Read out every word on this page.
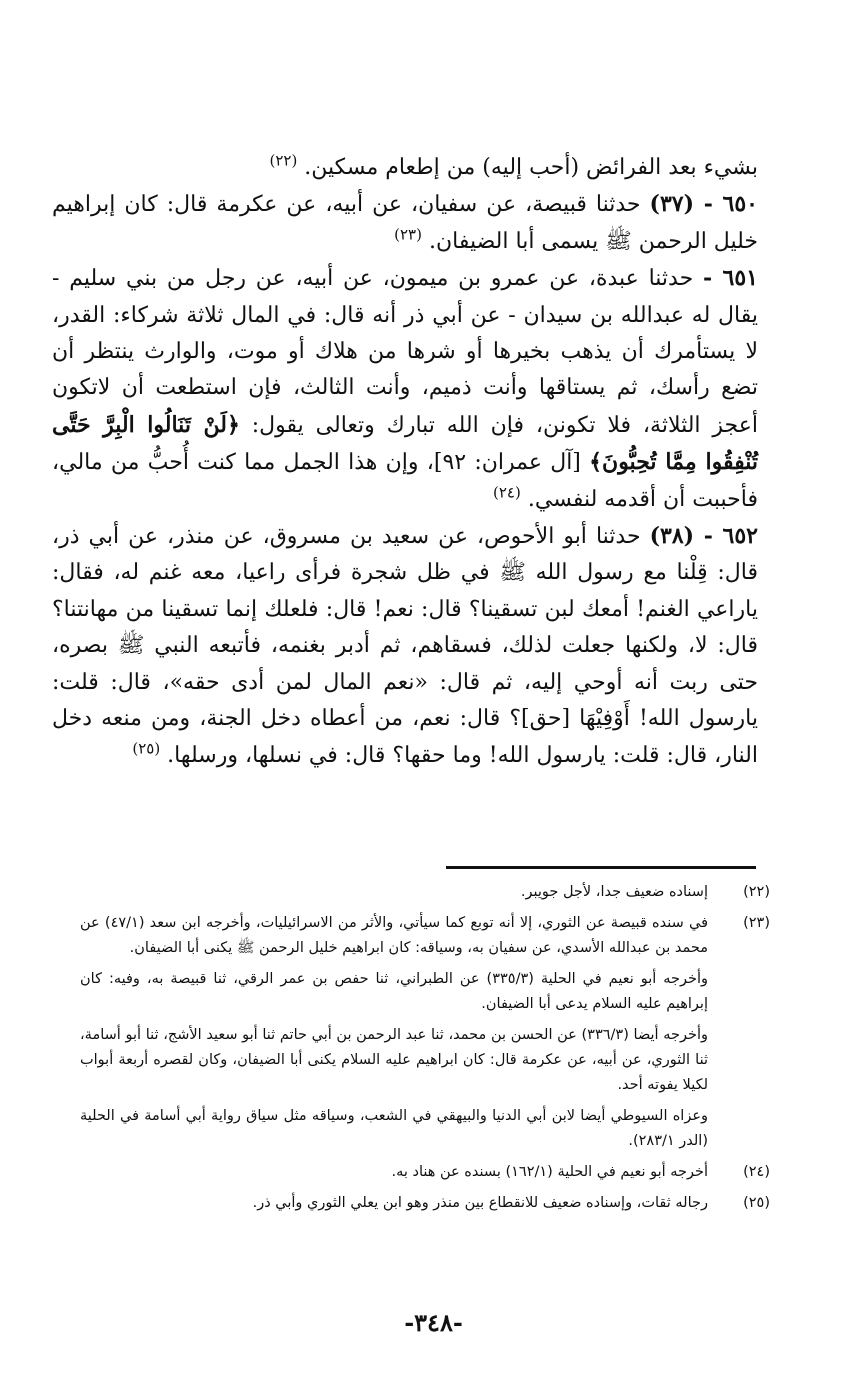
بشيء بعد الفرائض (أحب إليه) من إطعام مسكين. $^{(٢٢)}$

٦٥٠ - (٣٧) حدثنا قبيصة، عن سفيان، عن أبيه، عن عكرمة قال: كان إبراهيم خليل الرحمن ﷺ يسمى أبا الضيفان. $^{(٢٣)}$

٦٥١ - حدثنا عبدة، عن عمرو بن ميمون، عن أبيه، عن رجل من بني سليم - يقال له عبدالله بن سيدان - عن أبي ذر أنه قال: في المال ثلاثة شركاء: القدر، لا يستأمرك أن يذهب بخيرها أو شرها من هلاك أو موت، والوارث ينتظر أن تضع رأسك، ثم يستاقها وأنت ذميم، وأنت الثالث، فإن استطعت أن لاتكون أعجز الثلاثة، فلا تكونن، فإن الله تبارك وتعالى يقول: ﴿لَنْ تَنَالُوا الْبِرَّ حَتَّى تُنْفِقُوا مِمَّا تُحِبُّونَ﴾ [آل عمران: ٩٢]، وإن هذا الجمل مما كنت أُحبُّ من مالي، فأحببت أن أقدمه لنفسي. $^{(٢٤)}$

٦٥٢ - (٣٨) حدثنا أبو الأحوص، عن سعيد بن مسروق، عن منذر، عن أبي ذر، قال: قِلْنا مع رسول الله ﷺ في ظل شجرة فرأى راعيا، معه غنم له، فقال: ياراعي الغنم! أمعك لبن تسقينا؟ قال: نعم! قال: فلعلك إنما تسقينا من مهانتنا؟ قال: لا، ولكنها جعلت لذلك، فسقاهم، ثم أدبر بغنمه، فأتبعه النبي ﷺ بصره، حتى ربت أنه أوحي إليه، ثم قال: «نعم المال لمن أدى حقه»، قال: قلت: يارسول الله! أَوْفِيْهَا [حق]؟ قال: نعم، من أعطاه دخل الجنة، ومن منعه دخل النار، قال: قلت: يارسول الله! وما حقها؟ قال: في نسلها، ورسلها. $^{(٢٥)}$

(٢٢)
إسناده ضعيف جدا، لأجل جويبر.
(٢٣)
في سنده قبيصة عن الثوري، إلا أنه توبع كما سيأتي، والأثر من الاسرائيليات، وأخرجه ابن سعد (٤٧/١) عن محمد بن عبدالله الأسدي، عن سفيان به، وسياقه: كان ابراهيم خليل الرحمن ﷺ يكنى أبا الضيفان.
وأخرجه أبو نعيم في الحلية (٣٣٥/٣) عن الطبراني، ثنا حفص بن عمر الرقي، ثنا قبيصة به، وفيه: كان إبراهيم عليه السلام يدعى أبا الضيفان.
وأخرجه أيضا (٣٣٦/٣) عن الحسن بن محمد، ثنا عبد الرحمن بن أبي حاتم ثنا أبو سعيد الأشج، ثنا أبو أسامة، ثنا الثوري، عن أبيه، عن عكرمة قال: كان ابراهيم عليه السلام يكنى أبا الضيفان، وكان لقصره أربعة أبواب لكيلا يفوته أحد.
وعزاه السيوطي أيضا لابن أبي الدنيا والبيهقي في الشعب، وسياقه مثل سياق رواية أبي أسامة في الحلية (الدر ٢٨٣/١).
(٢٤)
أخرجه أبو نعيم في الحلية (١٦٢/١) بسنده عن هناد به.
(٢٥)
رجاله ثقات، وإسناده ضعيف للانقطاع بين منذر وهو ابن يعلي الثوري وأبي ذر.
-٣٤٨-
